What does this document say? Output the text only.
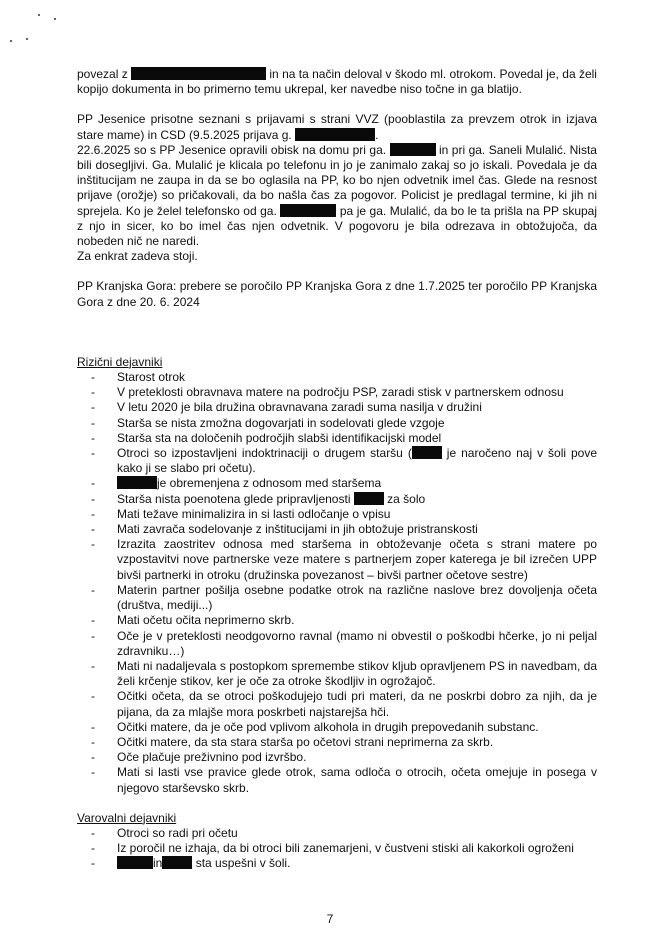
povezal z	in na ta način deloval v škodo ml. otrokom. Povedal je, da želi kopijo dokumenta in bo primerno temu ukrepal, ker navedbe niso točne in ga blatijo.

PP Jesenice prisotne seznani s prijavami s strani VVZ (pooblastila za prevzem otrok in izjava stare mame) in CSD (9.5.2025 prijava g.	.

22.6.2025 so s PP Jesenice opravili obisk na domu pri ga.	in pri ga. Saneli Mulalić. Nista bili dosegljivi. Ga. Mulalić je klicala po telefonu in jo je zanimalo zakaj so jo iskali. Povedala je da inštitucijam ne zaupa in da se bo oglasila na PP, ko bo njen odvetnik imel čas. Glede na resnost prijave (orožje) so pričakovali, da bo našla čas za pogovor. Policist je predlagal termine, ki jih ni sprejela. Ko je želel telefonsko od ga.	pa je ga. Mulalić, da bo le ta prišla na PP skupaj z njo in sicer, ko bo imel čas njen odvetnik. V pogovoru je bila odrezava in obtožujoča, da nobeden nič ne naredi.

Za enkrat zadeva stoji.

PP Kranjska Gora: prebere se poročilo PP Kranjska Gora z dne 1.7.2025 ter poročilo PP Kranjska Gora z dne 20. 6. 2024

Rizični dejavniki

- Starost otrok
- V preteklosti obravnava matere na področju PSP, zaradi stisk v partnerskem odnosu
- V letu 2020 je bila družina obravnavana zaradi suma nasilja v družini
- Starša se nista zmožna dogovarjati in sodelovati glede vzgoje
- Starša sta na določenih področjih slabši identifikacijski model
- Otroci so izpostavljeni indoktrinaciji o drugem staršu (	je naročeno naj v šoli pove kako ji se slabo pri očetu).
- je obremenjena z odnosom med staršema
- Starša nista poenotena glede pripravljenosti	za šolo
- Mati težave minimalizira in si lasti odločanje o vpisu
- Mati zavrača sodelovanje z inštitucijami in jih obtožuje pristranskosti
- Izrazita zaostritev odnosa med staršema in obtoževanje očeta s strani matere po vzpostavitvi nove partnerske veze matere s partnerjem zoper katerega je bil izrečen UPP bivši partnerki in otroku (družinska povezanost – bivši partner očetove sestre)
- Materin partner pošilja osebne podatke otrok na različne naslove brez dovoljenja očeta (društva, mediji...)
- Mati očetu očita neprimerno skrb.
- Oče je v preteklosti neodgovorno ravnal (mamo ni obvestil o poškodbi hčerke, jo ni peljal zdravniku…)
- Mati ni nadaljevala s postopkom spremembe stikov kljub opravljenem PS in navedbam, da želi krčenje stikov, ker je oče za otroke škodljiv in ogrožajoč.
- Očitki očeta, da se otroci poškodujejo tudi pri materi, da ne poskrbi dobro za njih, da je pijana, da za mlajše mora poskrbeti najstarejša hči.
- Očitki matere, da je oče pod vplivom alkohola in drugih prepovedanih substanc.
- Očitki matere, da sta stara starša po očetovi strani neprimerna za skrb.
- Oče plačuje preživnino pod izvršbo.
- Mati si lasti vse pravice glede otrok, sama odloča o otrocih, očeta omejuje in posega v njegovo starševsko skrb.

Varovalni dejavniki

- Otroci so radi pri očetu
- Iz poročil ne izhaja, da bi otroci bili zanemarjeni, v čustveni stiski ali kakorkoli ogroženi
- in	sta uspešni v šoli.
7
